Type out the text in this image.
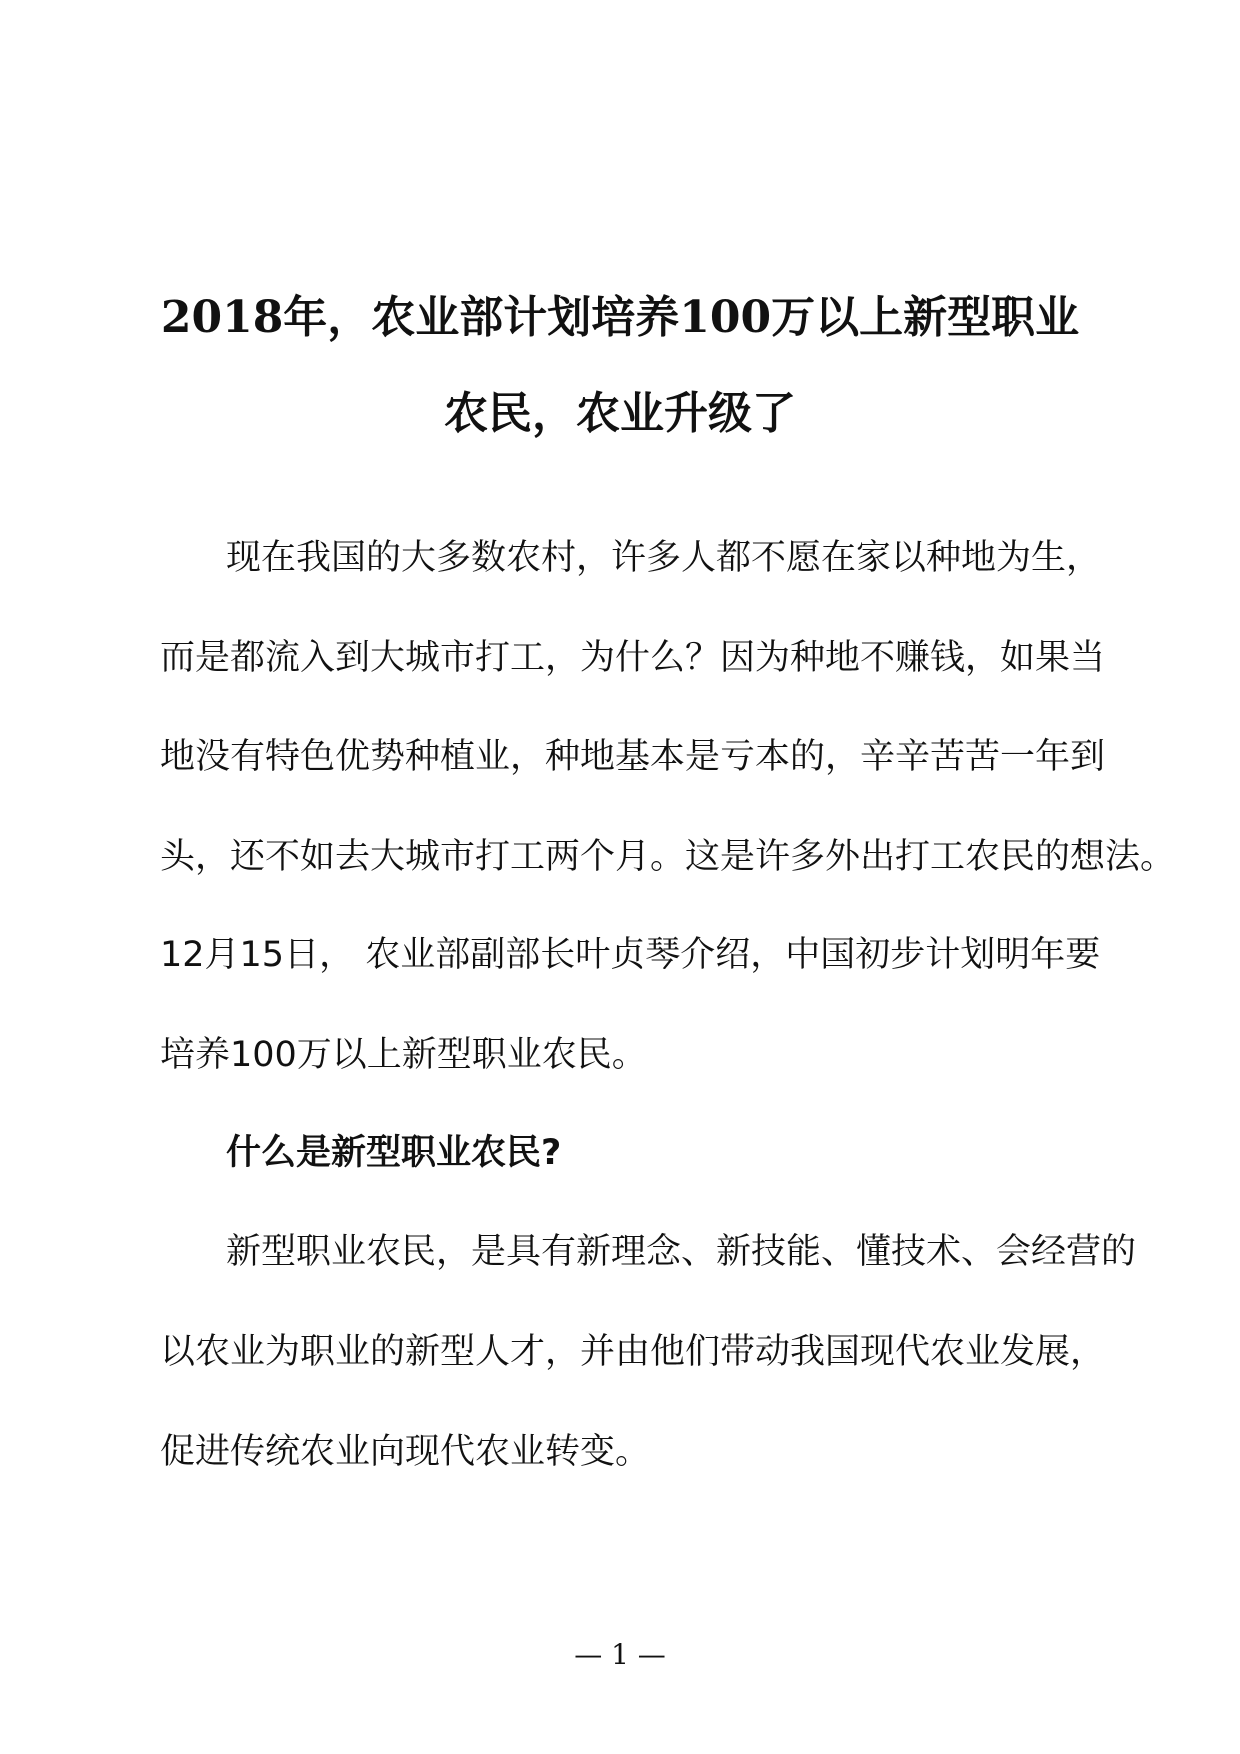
2018年，农业部计划培养100万以上新型职业
农民，农业升级了

现在我国的大多数农村，许多人都不愿在家以种地为生，

而是都流入到大城市打工，为什么？因为种地不赚钱，如果当

地没有特色优势种植业，种地基本是亏本的，辛辛苦苦一年到

头，还不如去大城市打工两个月。这是许多外出打工农民的想法。

12月15日， 农业部副部长叶贞琴介绍，中国初步计划明年要

培养100万以上新型职业农民。

什么是新型职业农民?

新型职业农民，是具有新理念、新技能、懂技术、会经营的

以农业为职业的新型人才，并由他们带动我国现代农业发展，

促进传统农业向现代农业转变。

— 1 —
